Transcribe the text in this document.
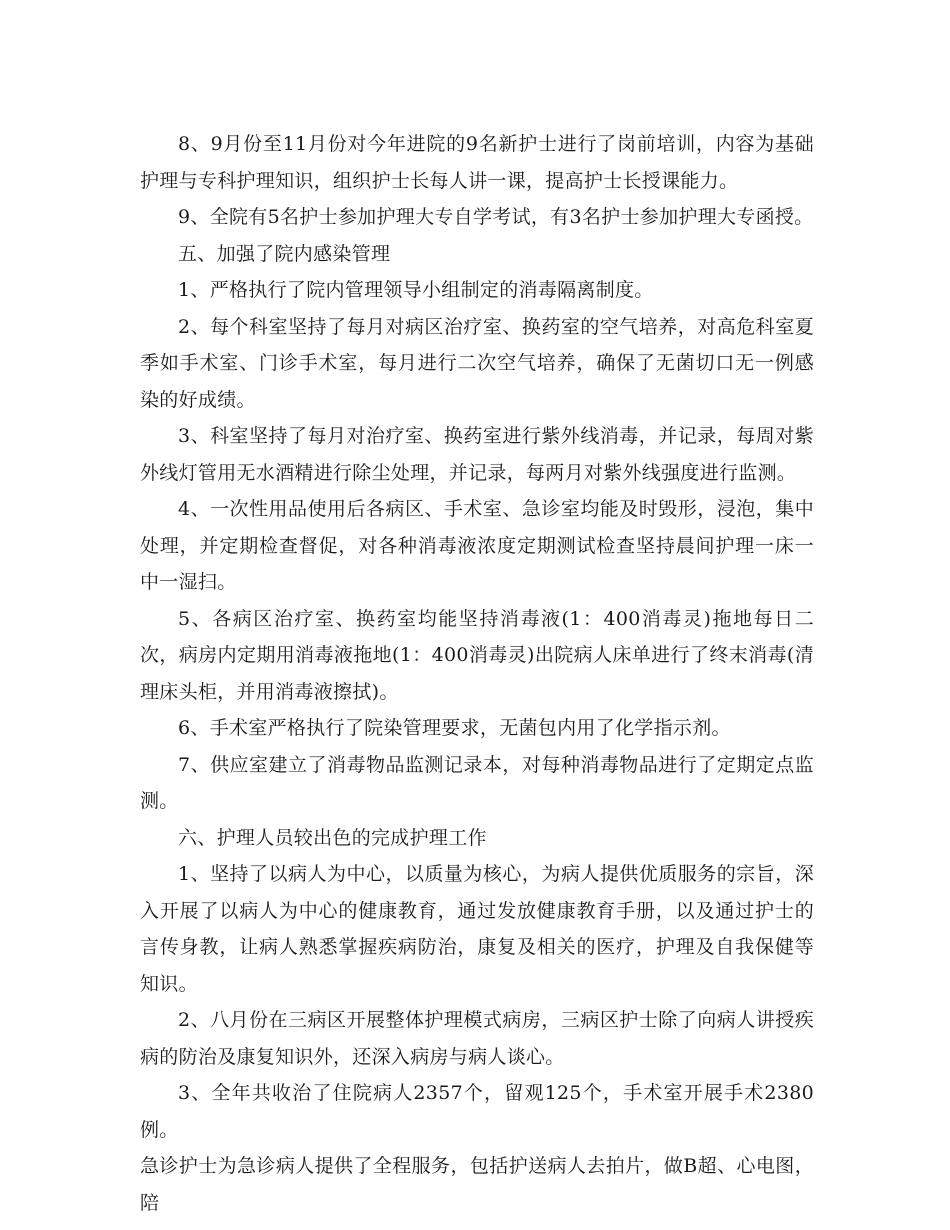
8、9月份至11月份对今年进院的9名新护士进行了岗前培训，内容为基础护理与专科护理知识，组织护士长每人讲一课，提高护士长授课能力。

9、全院有5名护士参加护理大专自学考试，有3名护士参加护理大专函授。

五、加强了院内感染管理

1、严格执行了院内管理领导小组制定的消毒隔离制度。

2、每个科室坚持了每月对病区治疗室、换药室的空气培养，对高危科室夏季如手术室、门诊手术室，每月进行二次空气培养，确保了无菌切口无一例感染的好成绩。

3、科室坚持了每月对治疗室、换药室进行紫外线消毒，并记录，每周对紫外线灯管用无水酒精进行除尘处理，并记录，每两月对紫外线强度进行监测。

4、一次性用品使用后各病区、手术室、急诊室均能及时毁形，浸泡，集中处理，并定期检查督促，对各种消毒液浓度定期测试检查坚持晨间护理一床一中一湿扫。

5、各病区治疗室、换药室均能坚持消毒液(1：400消毒灵)拖地每日二次，病房内定期用消毒液拖地(1：400消毒灵)出院病人床单进行了终末消毒(清理床头柜，并用消毒液擦拭)。

6、手术室严格执行了院染管理要求，无菌包内用了化学指示剂。

7、供应室建立了消毒物品监测记录本，对每种消毒物品进行了定期定点监测。

六、护理人员较出色的完成护理工作

1、坚持了以病人为中心，以质量为核心，为病人提供优质服务的宗旨，深入开展了以病人为中心的健康教育，通过发放健康教育手册，以及通过护士的言传身教，让病人熟悉掌握疾病防治，康复及相关的医疗，护理及自我保健等知识。

2、八月份在三病区开展整体护理模式病房，三病区护士除了向病人讲授疾病的防治及康复知识外，还深入病房与病人谈心。

3、全年共收治了住院病人2357个，留观125个，手术室开展手术2380例。

急诊护士为急诊病人提供了全程服务，包括护送病人去拍片，做B超、心电图，陪
